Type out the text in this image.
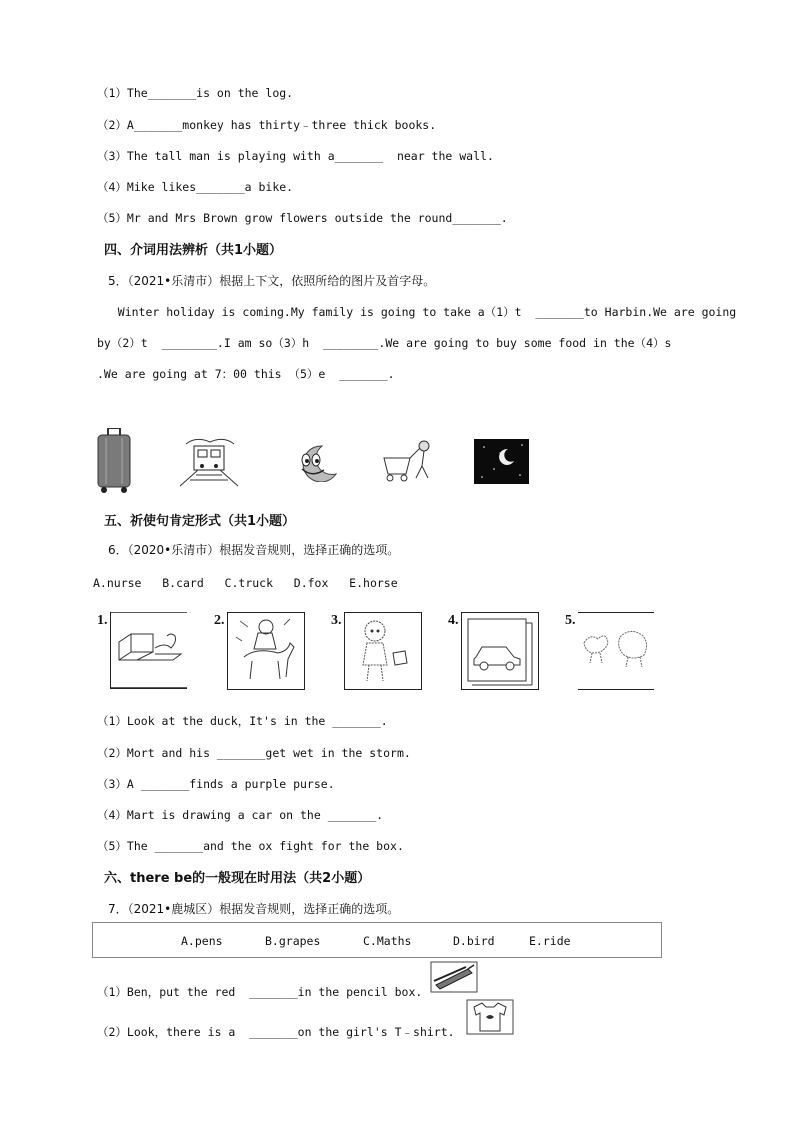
（1）The_______is on the log.
（2）A_______monkey has thirty﹣three thick books.
（3）The tall man is playing with a_______  near the wall.
（4）Mike likes_______a bike.
（5）Mr and Mrs Brown grow flowers outside the round_______.
四、介词用法辨析（共1小题）
5．（2021•乐清市）根据上下文，依照所给的图片及首字母。
Winter holiday is coming.My family is going to take a（1）t  _______to Harbin.We are going
by（2）t  ________.I am so（3）h  ________.We are going to buy some food in the（4）s
.We are going at 7：00 this （5）e  _______.
五、祈使句肯定形式（共1小题）
6．（2020•乐清市）根据发音规则，选择正确的选项。
A.nurse   B.card   C.truck   D.fox   E.horse
1.	2.	3.	4.	5.
（1）Look at the duck，It's in the _______.
（2）Mort and his _______get wet in the storm.
（3）A _______finds a purple purse.
（4）Mart is drawing a car on the _______.
（5）The _______and the ox fight for the box.
六、there be的一般现在时用法（共2小题）
7．（2021•鹿城区）根据发音规则，选择正确的选项。
A.pens	B.grapes	C.Maths	D.bird	E.ride
（1）Ben，put the red  _______in the pencil box.
（2）Look，there is a  _______on the girl's T﹣shirt.
